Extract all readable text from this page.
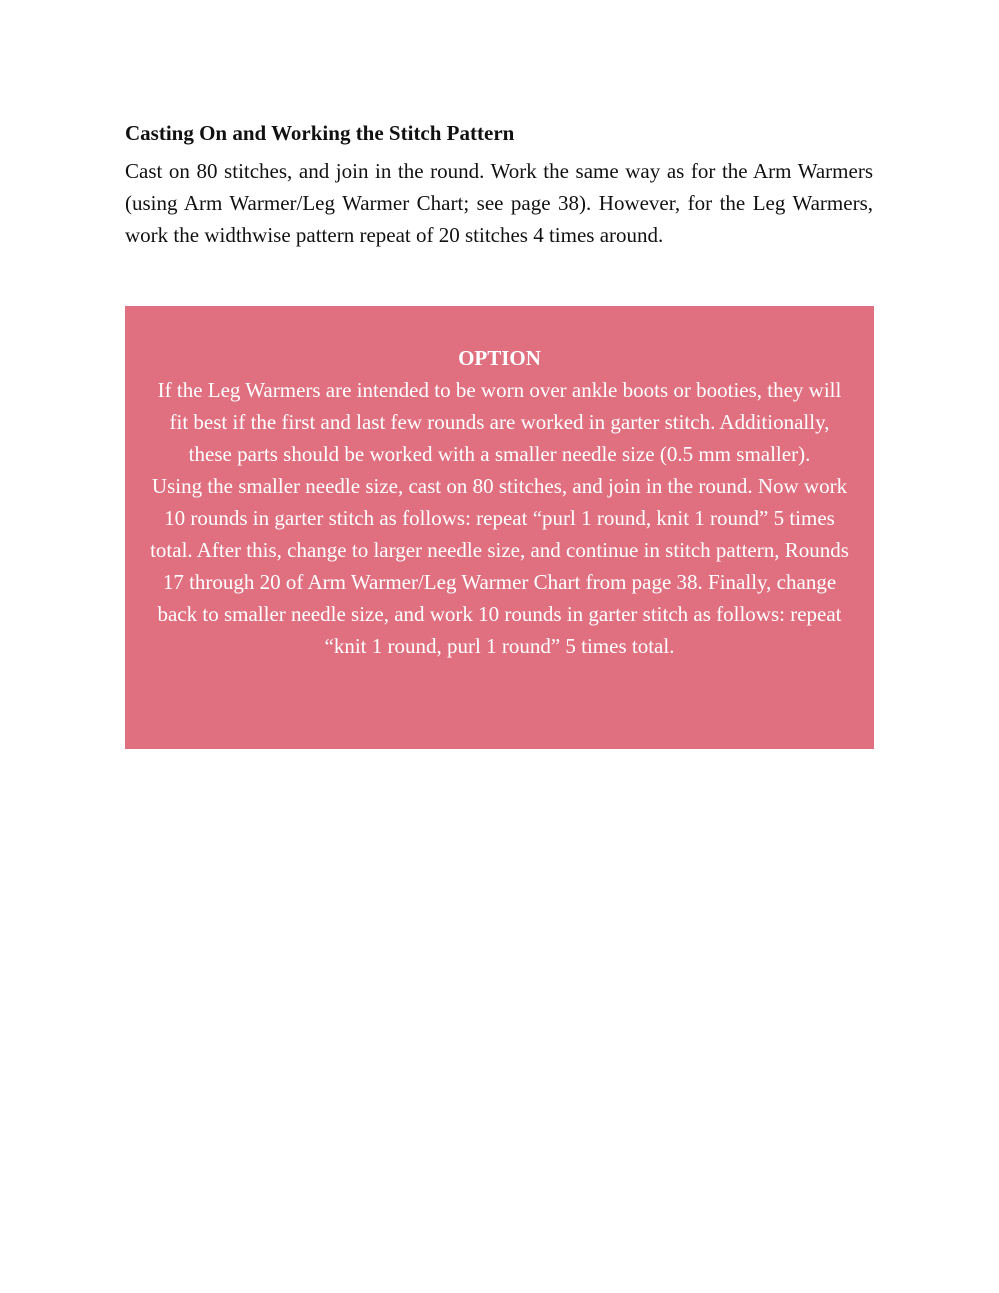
Casting On and Working the Stitch Pattern

Cast on 80 stitches, and join in the round. Work the same way as for the Arm Warmers (using Arm Warmer/Leg Warmer Chart; see page 38). However, for the Leg Warmers, work the widthwise pattern repeat of 20 stitches 4 times around.

OPTION

If the Leg Warmers are intended to be worn over ankle boots or booties, they will fit best if the first and last few rounds are worked in garter stitch. Additionally, these parts should be worked with a smaller needle size (0.5 mm smaller).

Using the smaller needle size, cast on 80 stitches, and join in the round. Now work 10 rounds in garter stitch as follows: repeat “purl 1 round, knit 1 round” 5 times total. After this, change to larger needle size, and continue in stitch pattern, Rounds 17 through 20 of Arm Warmer/Leg Warmer Chart from page 38. Finally, change back to smaller needle size, and work 10 rounds in garter stitch as follows: repeat “knit 1 round, purl 1 round” 5 times total.
